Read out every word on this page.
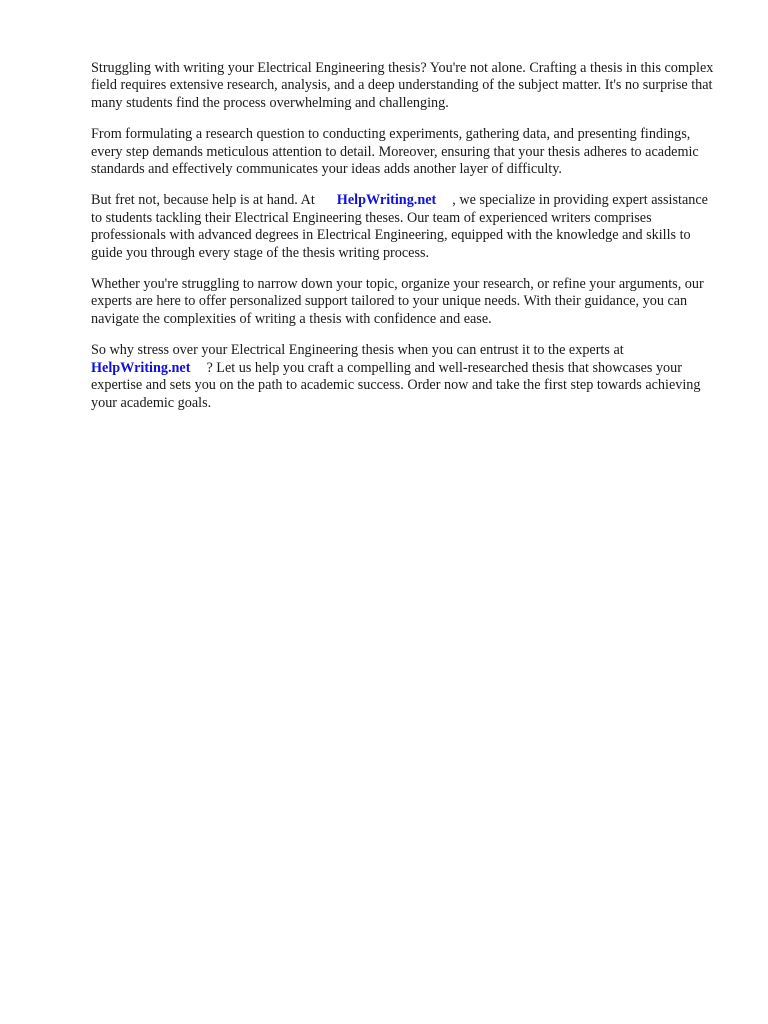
Struggling with writing your Electrical Engineering thesis? You're not alone. Crafting a thesis in this complex field requires extensive research, analysis, and a deep understanding of the subject matter. It's no surprise that many students find the process overwhelming and challenging.

From formulating a research question to conducting experiments, gathering data, and presenting findings, every step demands meticulous attention to detail. Moreover, ensuring that your thesis adheres to academic standards and effectively communicates your ideas adds another layer of difficulty.

But fret not, because help is at hand. At HelpWriting.net , we specialize in providing expert assistance to students tackling their Electrical Engineering theses. Our team of experienced writers comprises professionals with advanced degrees in Electrical Engineering, equipped with the knowledge and skills to guide you through every stage of the thesis writing process.

Whether you're struggling to narrow down your topic, organize your research, or refine your arguments, our experts are here to offer personalized support tailored to your unique needs. With their guidance, you can navigate the complexities of writing a thesis with confidence and ease.

So why stress over your Electrical Engineering thesis when you can entrust it to the experts at HelpWriting.net ? Let us help you craft a compelling and well-researched thesis that showcases your expertise and sets you on the path to academic success. Order now and take the first step towards achieving your academic goals.
